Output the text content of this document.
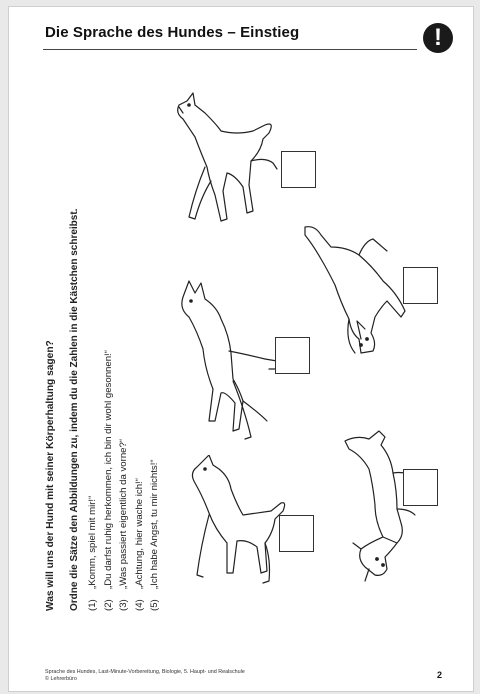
Die Sprache des Hundes – Einstieg	!
Was will uns der Hund mit seiner Körperhaltung sagen?	Ordne die Sätze den Abbildungen zu, indem du die Zahlen in die Kästchen schreibst. (1)„Komm, spiel mit mir!“
(2)„Du darfst ruhig herkommen, ich bin dir wohl gesonnen!“
(3)„Was passiert eigentlich da vorne?“
(4)„Achtung, hier wache ich!“
(5)„Ich habe Angst, tu mir nichts!“
Sprache des Hundes, Last-Minute-Vorbereitung, Biologie, 5. Haupt- und Realschule
© Lehrerbüro	2
